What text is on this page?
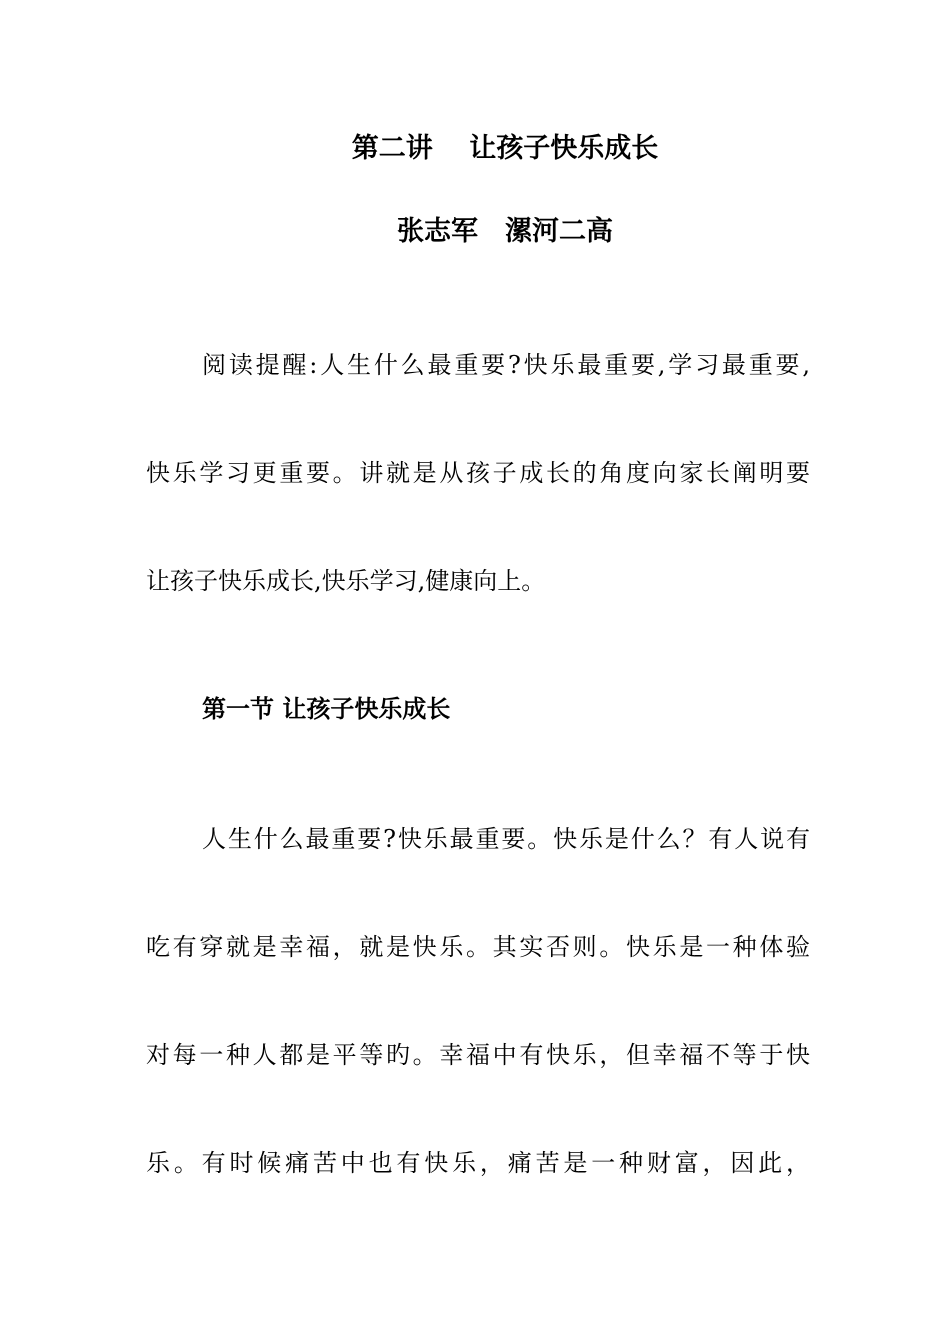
第二讲　 让孩子快乐成长
张志军　漯河二高
阅读提醒:人生什么最重要?快乐最重要,学习最重要,
快乐学习更重要。讲就是从孩子成长的角度向家长阐明要
让孩子快乐成长,快乐学习,健康向上。
第一节 让孩子快乐成长
人生什么最重要?快乐最重要。快乐是什么？有人说有
吃有穿就是幸福，就是快乐。其实否则。快乐是一种体验
对每一种人都是平等旳。幸福中有快乐，但幸福不等于快
乐。有时候痛苦中也有快乐，痛苦是一种财富，因此，
